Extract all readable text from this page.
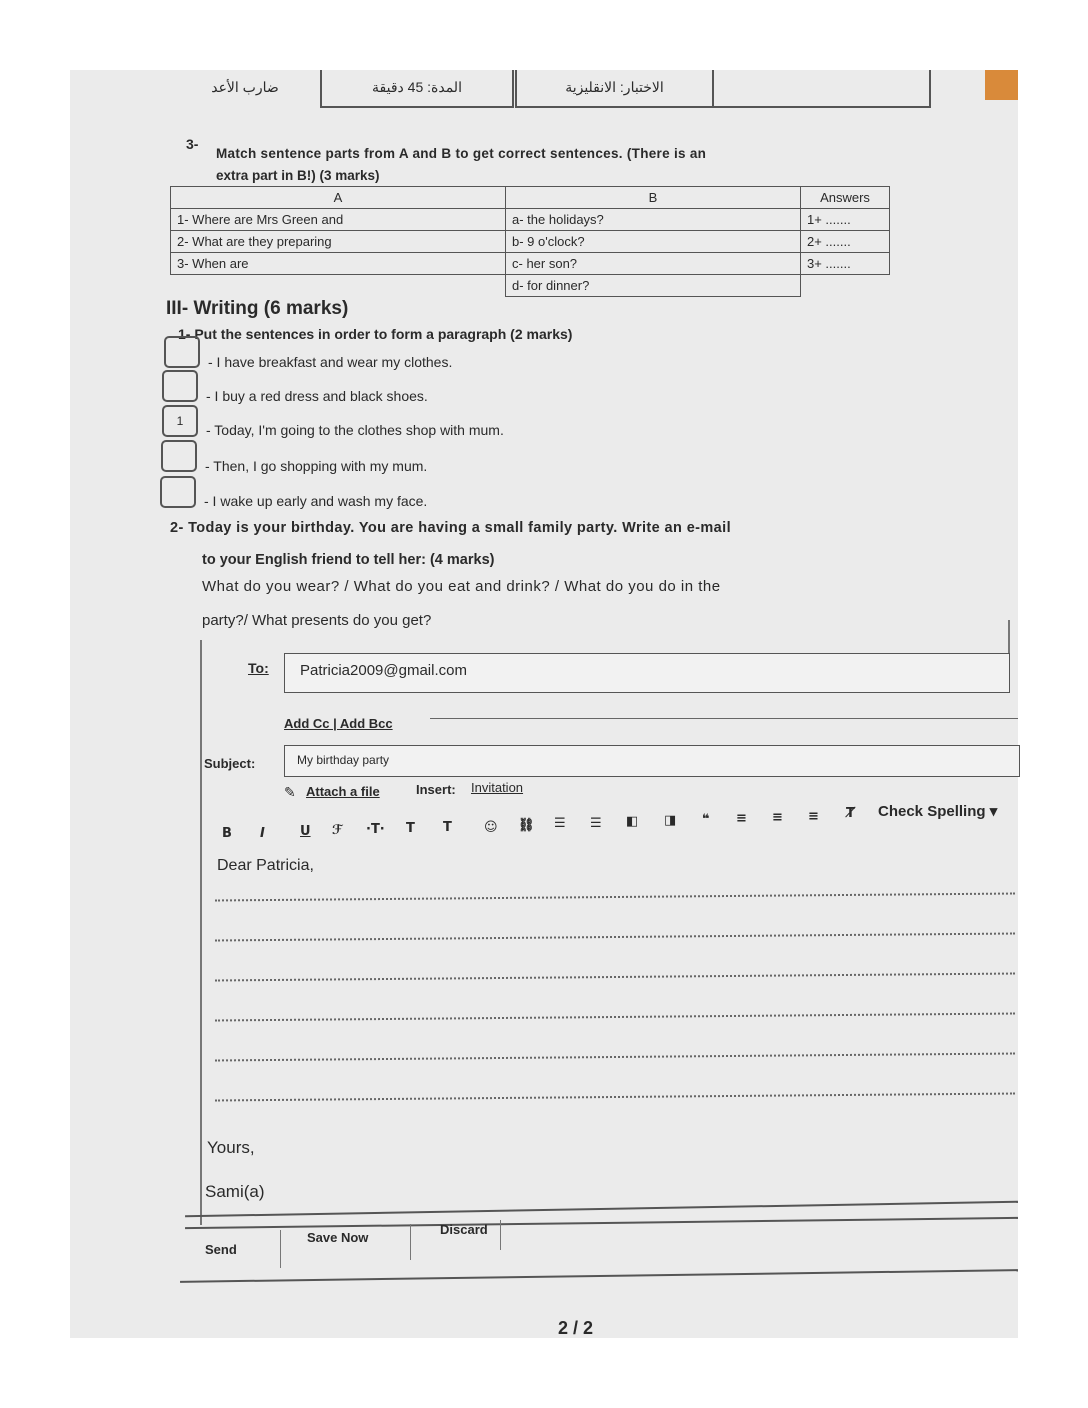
ضارب الأعد	المدة: 45 دقيقة	الاختبار: الانقليزية
3-
Match sentence parts from A and B to get correct sentences. (There is an
extra part in B!) (3 marks)
A	B	Answers
1- Where are Mrs Green and	a- the holidays?	1+ .......
2- What are they preparing	b- 9 o'clock?	2+ .......
3- When are	c- her son?	3+ .......
	d- for dinner?	
III- Writing (6 marks)
1- Put the sentences in order to form a paragraph (2 marks)
- I have breakfast and wear my clothes.
- I buy a red dress and black shoes.
1
- Today, I'm going to the clothes shop with mum.
- Then, I go shopping with my mum.
- I wake up early and wash my face.
2- Today is your birthday. You are having a small family party. Write an e-mail
to your English friend to tell her: (4 marks)
What do you wear? / What do you eat and drink? / What do you do in the
party?/ What presents do you get?
To: Patricia2009@gmail.com
Add Cc | Add Bcc
Subject:	My birthday party
✎ Attach a file	Insert: Invitation
B I	U ℱ ·T· T T ☺ ⛓ ☰ ☰ ◧ ◨ ❝ ≡ ≡ ≡ Ⱦ Check Spelling ▾
Dear Patricia,
Yours,
Sami(a)
Send
Save Now
Discard
2 / 2
